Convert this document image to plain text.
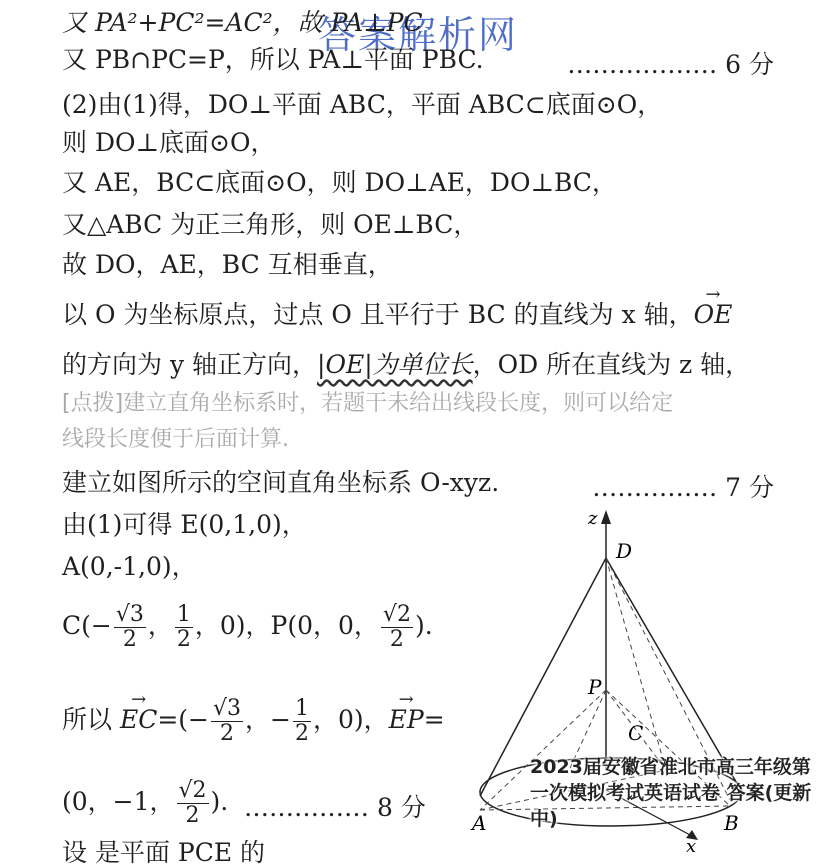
答案解析网
又 PA²+PC²=AC²，故 PA⊥PC
又 PB∩PC=P，所以 PA⊥平面 PBC.	……………… 6 分
(2)由(1)得，DO⊥平面 ABC，平面 ABC⊂底面⊙O，
则 DO⊥底面⊙O，
又 AE，BC⊂底面⊙O，则 DO⊥AE，DO⊥BC，
又△ABC 为正三角形，则 OE⊥BC，
故 DO，AE，BC 互相垂直，
以 O 为坐标原点，过点 O 且平行于 BC 的直线为 x 轴，→ OE
的方向为 y 轴正方向，|OE|为单位长，OD 所在直线为 z 轴，
[点拨]建立直角坐标系时，若题干未给出线段长度，则可以给定
线段长度便于后面计算.
建立如图所示的空间直角坐标系 O-xyz.	…………… 7 分
由(1)可得 E(0,1,0)，
A(0,-1,0)，
$C(- \frac{√3}{2}$ ， $\frac{1}{2}$ ，0)，P(0，0， $\frac{√2}{2}$ ).
所以 → $EC=(- \frac{√3}{2}$ ，− $\frac{1}{2}$ ，0)，→ EP=
(0，−1， $\frac{√2}{2}$ ). …………… 8 分
设 是平面 PCE 的
z
x
D
P
C
A	B
2023届安徽省淮北市高三年级第一次模拟考试英语试卷 答案(更新中)
